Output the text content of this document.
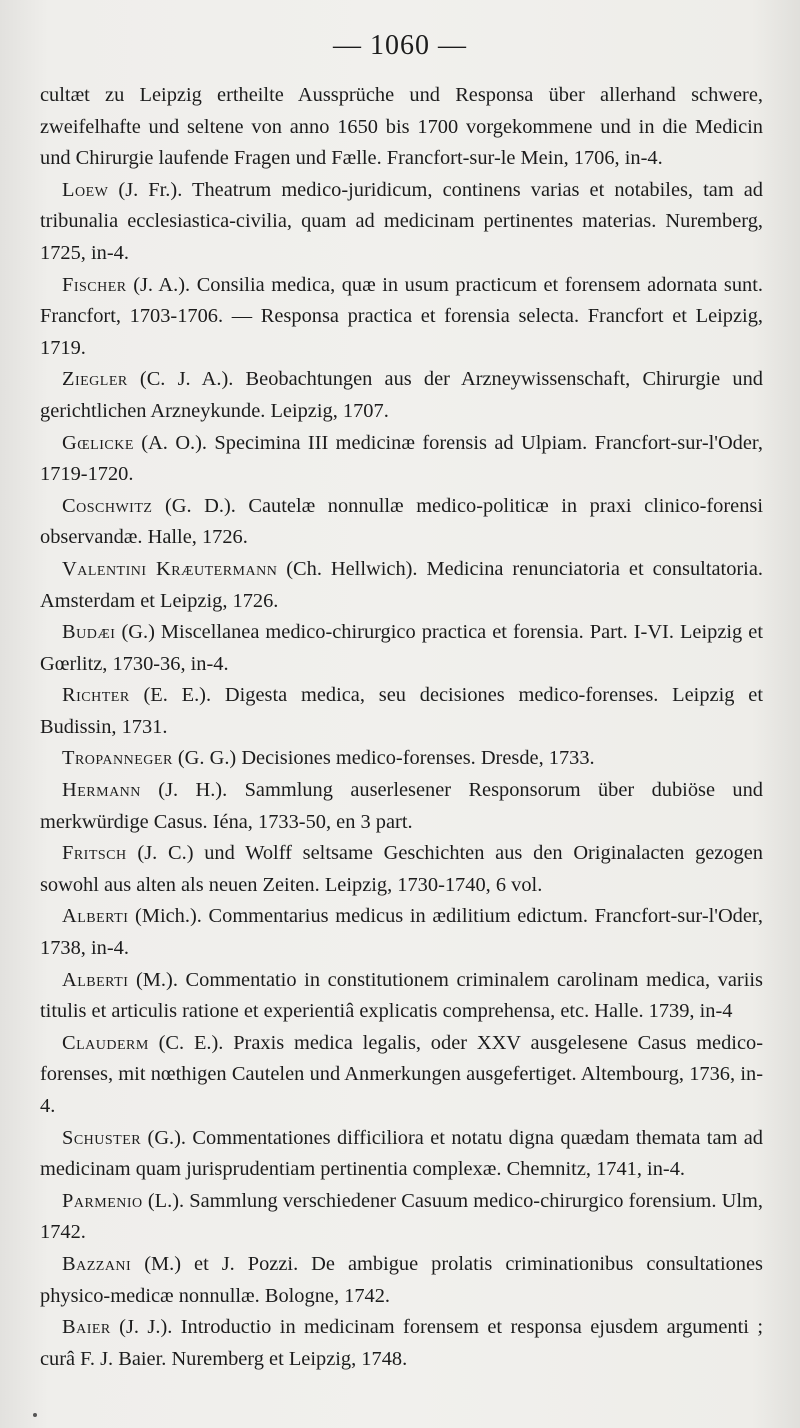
— 1060 —

cultæt zu Leipzig ertheilte Aussprüche und Responsa über allerhand schwere, zweifelhafte und seltene von anno 1650 bis 1700 vorgekommene und in die Medicin und Chirurgie laufende Fragen und Fælle. Francfort-sur-le Mein, 1706, in-4.

Loew (J. Fr.). Theatrum medico-juridicum, continens varias et notabiles, tam ad tribunalia ecclesiastica-civilia, quam ad medicinam pertinentes materias. Nuremberg, 1725, in-4.

Fischer (J. A.). Consilia medica, quæ in usum practicum et forensem adornata sunt. Francfort, 1703-1706. — Responsa practica et forensia selecta. Francfort et Leipzig, 1719.

Ziegler (C. J. A.). Beobachtungen aus der Arzneywissenschaft, Chirurgie und gerichtlichen Arzneykunde. Leipzig, 1707.

Gœlicke (A. O.). Specimina III medicinæ forensis ad Ulpiam. Francfort-sur-l'Oder, 1719-1720.

Coschwitz (G. D.). Cautelæ nonnullæ medico-politicæ in praxi clinico-forensi observandæ. Halle, 1726.

Valentini Kræutermann (Ch. Hellwich). Medicina renunciatoria et consultatoria. Amsterdam et Leipzig, 1726.

Budæi (G.) Miscellanea medico-chirurgico practica et forensia. Part. I-VI. Leipzig et Gœrlitz, 1730-36, in-4.

Richter (E. E.). Digesta medica, seu decisiones medico-forenses. Leipzig et Budissin, 1731.

Tropanneger (G. G.) Decisiones medico-forenses. Dresde, 1733.

Hermann (J. H.). Sammlung auserlesener Responsorum über dubiöse und merkwürdige Casus. Iéna, 1733-50, en 3 part.

Fritsch (J. C.) und Wolff seltsame Geschichten aus den Originalacten gezogen sowohl aus alten als neuen Zeiten. Leipzig, 1730-1740, 6 vol.

Alberti (Mich.). Commentarius medicus in ædilitium edictum. Francfort-sur-l'Oder, 1738, in-4.

Alberti (M.). Commentatio in constitutionem criminalem carolinam medica, variis titulis et articulis ratione et experientiâ explicatis comprehensa, etc. Halle. 1739, in-4

Clauderm (C. E.). Praxis medica legalis, oder XXV ausgelesene Casus medico-forenses, mit nœthigen Cautelen und Anmerkungen ausgefertiget. Altembourg, 1736, in-4.

Schuster (G.). Commentationes difficiliora et notatu digna quædam themata tam ad medicinam quam jurisprudentiam pertinentia complexæ. Chemnitz, 1741, in-4.

Parmenio (L.). Sammlung verschiedener Casuum medico-chirurgico forensium. Ulm, 1742.

Bazzani (M.) et J. Pozzi. De ambigue prolatis criminationibus consultationes physico-medicæ nonnullæ. Bologne, 1742.

Baier (J. J.). Introductio in medicinam forensem et responsa ejusdem argumenti ; curâ F. J. Baier. Nuremberg et Leipzig, 1748.
